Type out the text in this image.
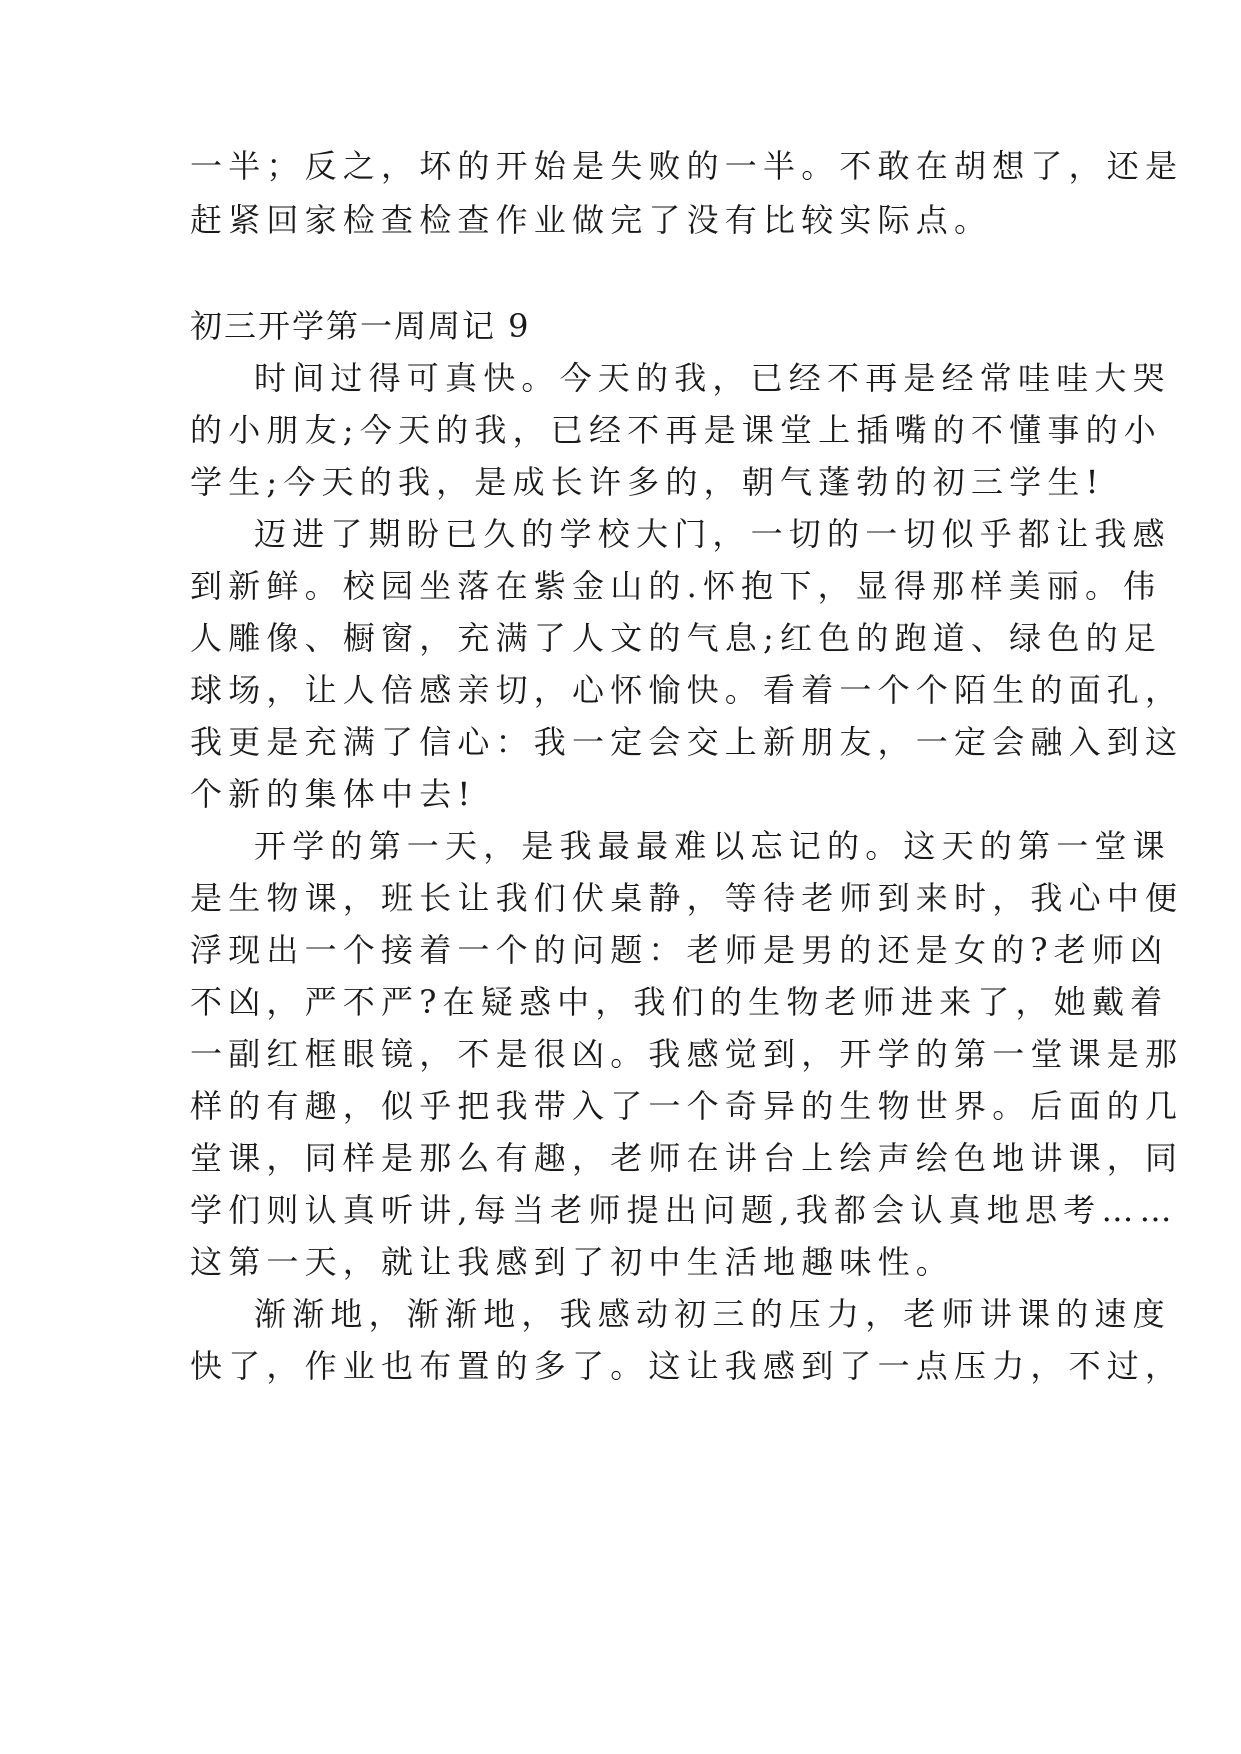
一半；反之，坏的开始是失败的一半。不敢在胡想了，还是
赶紧回家检查检查作业做完了没有比较实际点。
初三开学第一周周记 9
时间过得可真快。今天的我，已经不再是经常哇哇大哭
的小朋友;今天的我，已经不再是课堂上插嘴的不懂事的小
学生;今天的我，是成长许多的，朝气蓬勃的初三学生!
迈进了期盼已久的学校大门，一切的一切似乎都让我感
到新鲜。校园坐落在紫金山的.怀抱下，显得那样美丽。伟
人雕像、橱窗，充满了人文的气息;红色的跑道、绿色的足
球场，让人倍感亲切，心怀愉快。看着一个个陌生的面孔，
我更是充满了信心：我一定会交上新朋友，一定会融入到这
个新的集体中去!
开学的第一天，是我最最难以忘记的。这天的第一堂课
是生物课，班长让我们伏桌静，等待老师到来时，我心中便
浮现出一个接着一个的问题：老师是男的还是女的?老师凶
不凶，严不严?在疑惑中，我们的生物老师进来了，她戴着
一副红框眼镜，不是很凶。我感觉到，开学的第一堂课是那
样的有趣，似乎把我带入了一个奇异的生物世界。后面的几
堂课，同样是那么有趣，老师在讲台上绘声绘色地讲课，同
学们则认真听讲,每当老师提出问题,我都会认真地思考……
这第一天，就让我感到了初中生活地趣味性。
渐渐地，渐渐地，我感动初三的压力，老师讲课的速度
快了，作业也布置的多了。这让我感到了一点压力，不过，
